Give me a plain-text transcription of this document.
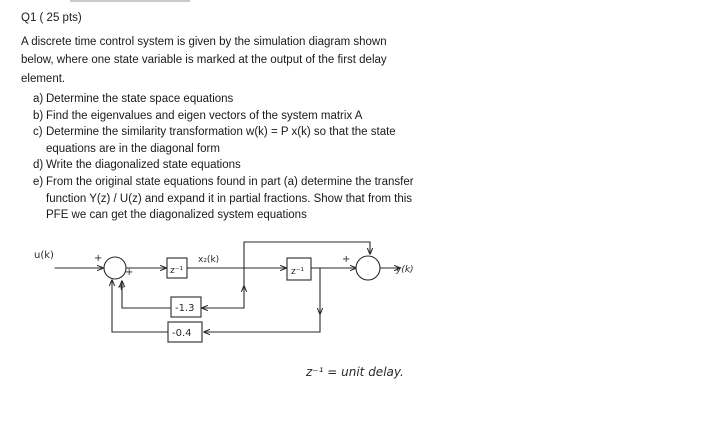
Q1 ( 25 pts)
A discrete time control system is given by the simulation diagram shown below, where one state variable is marked at the output of the first delay element.
a) Determine the state space equations
b) Find the eigenvalues and eigen vectors of the system matrix A
c) Determine the similarity transformation w(k) = P x(k) so that the state equations are in the diagonal form
d) Write the diagonalized state equations
e) From the original state equations found in part (a) determine the transfer function Y(z) / U(z) and expand it in partial fractions. Show that from this PFE we can get the diagonalized system equations
u(k)	+
+
+
z⁻¹
x₂(k)
z⁻¹
+
y(k)
-1.3
-0.4
z⁻¹ = unit delay.
